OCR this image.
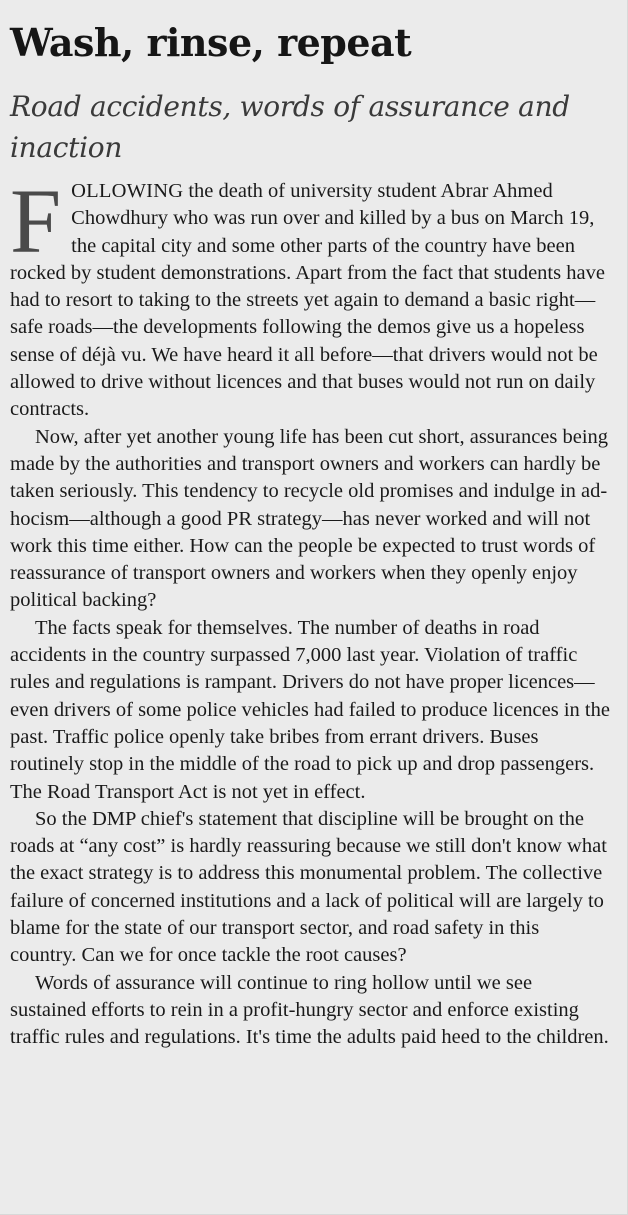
Wash, rinse, repeat
Road accidents, words of assurance and inaction

FOLLOWING the death of university student Abrar Ahmed Chowdhury who was run over and killed by a bus on March 19, the capital city and some other parts of the country have been rocked by student demonstrations. Apart from the fact that students have had to resort to taking to the streets yet again to demand a basic right—safe roads—the developments following the demos give us a hopeless sense of déjà vu. We have heard it all before—that drivers would not be allowed to drive without licences and that buses would not run on daily contracts.

Now, after yet another young life has been cut short, assurances being made by the authorities and transport owners and workers can hardly be taken seriously. This tendency to recycle old promises and indulge in ad-hocism—although a good PR strategy—has never worked and will not work this time either. How can the people be expected to trust words of reassurance of transport owners and workers when they openly enjoy political backing?

The facts speak for themselves. The number of deaths in road accidents in the country surpassed 7,000 last year. Violation of traffic rules and regulations is rampant. Drivers do not have proper licences—even drivers of some police vehicles had failed to produce licences in the past. Traffic police openly take bribes from errant drivers. Buses routinely stop in the middle of the road to pick up and drop passengers. The Road Transport Act is not yet in effect.

So the DMP chief's statement that discipline will be brought on the roads at “any cost” is hardly reassuring because we still don't know what the exact strategy is to address this monumental problem. The collective failure of concerned institutions and a lack of political will are largely to blame for the state of our transport sector, and road safety in this country. Can we for once tackle the root causes?

Words of assurance will continue to ring hollow until we see sustained efforts to rein in a profit-hungry sector and enforce existing traffic rules and regulations. It's time the adults paid heed to the children.
